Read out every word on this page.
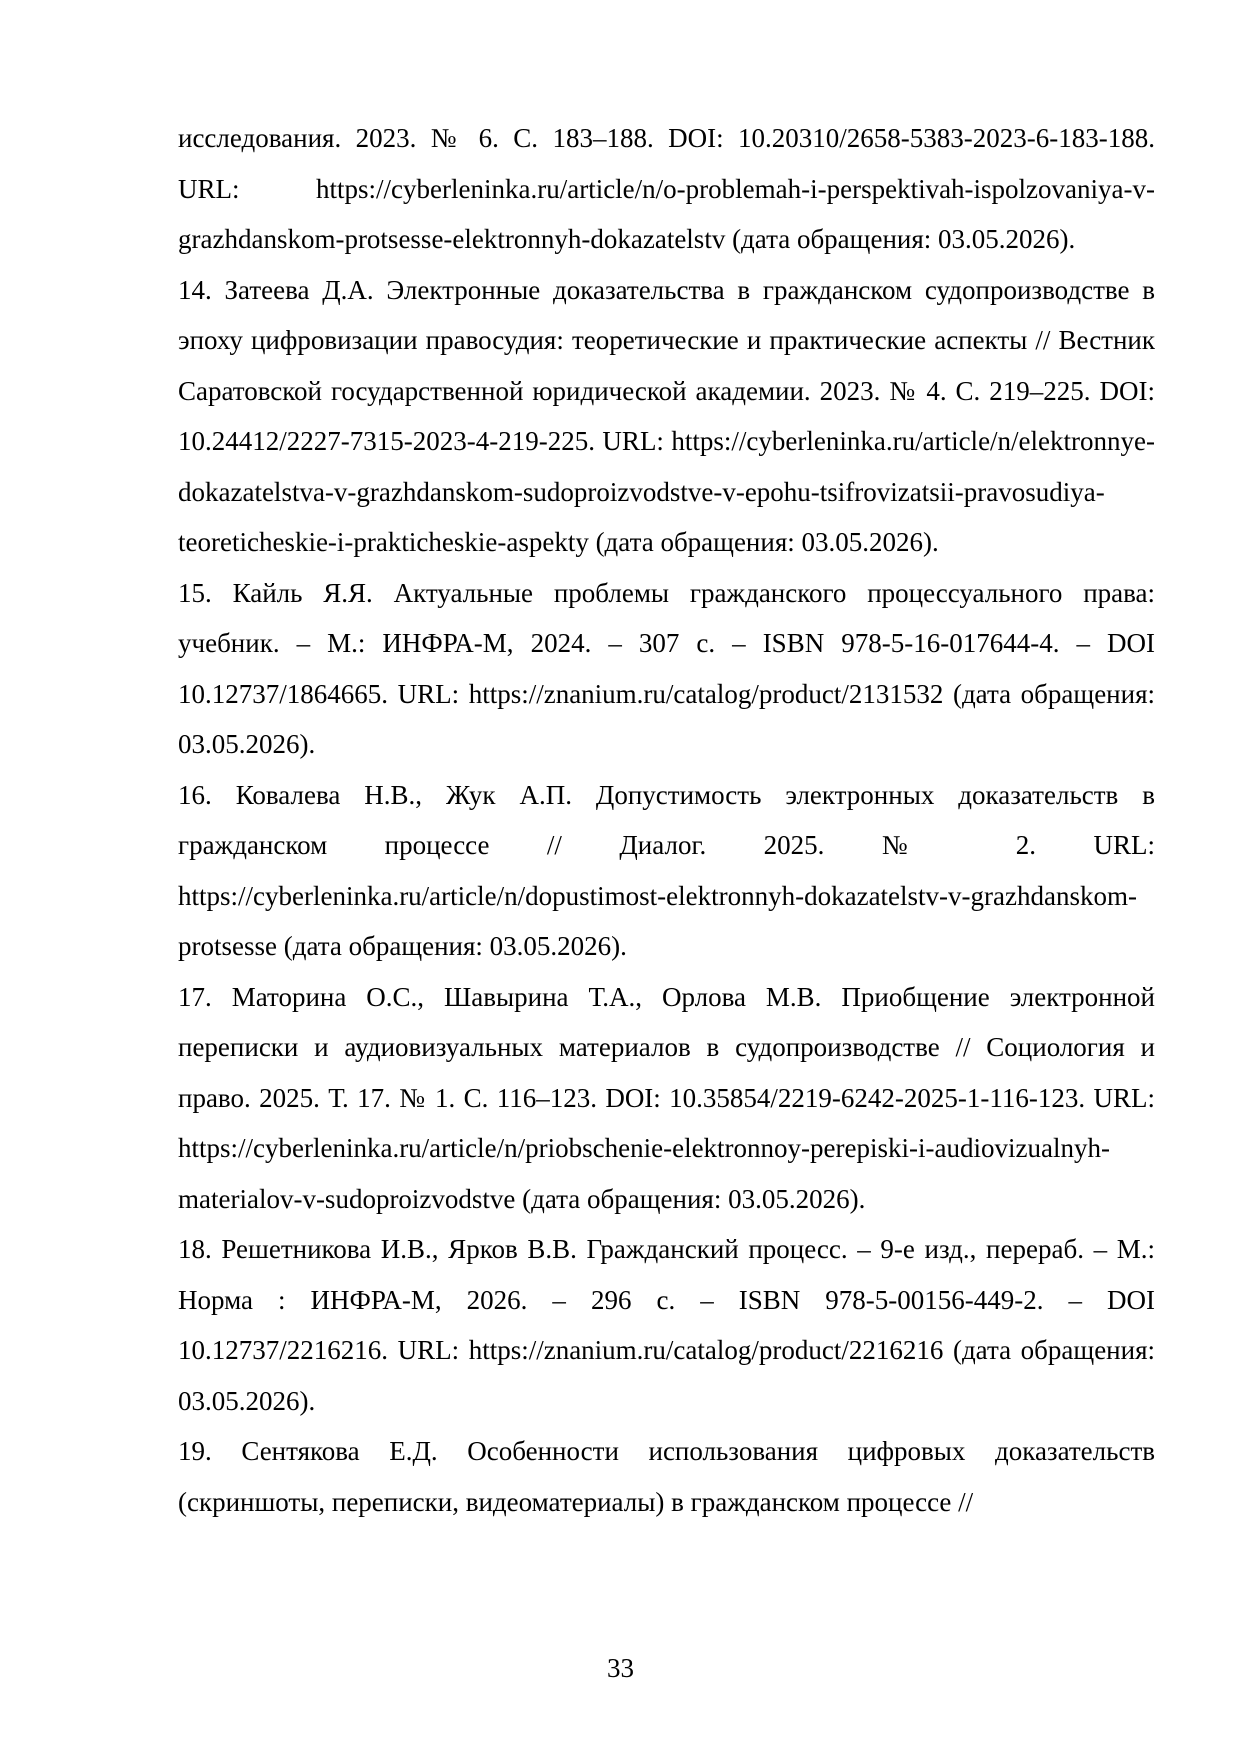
исследования. 2023. № 6. С. 183–188. DOI: 10.20310/2658-5383-2023-6-183-188. URL: https://cyberleninka.ru/article/n/o-problemah-i-perspektivah-ispolzovaniya-v-grazhdanskom-protsesse-elektronnyh-dokazatelstv (дата обращения: 03.05.2026).

14. Затеева Д.А. Электронные доказательства в гражданском судопроизводстве в эпоху цифровизации правосудия: теоретические и практические аспекты // Вестник Саратовской государственной юридической академии. 2023. № 4. С. 219–225. DOI: 10.24412/2227-7315-2023-4-219-225. URL: https://cyberleninka.ru/article/n/elektronnye-dokazatelstva-v-grazhdanskom-sudoproizvodstve-v-epohu-tsifrovizatsii-pravosudiya-teoreticheskie-i-prakticheskie-aspekty (дата обращения: 03.05.2026).

15. Кайль Я.Я. Актуальные проблемы гражданского процессуального права: учебник. – М.: ИНФРА-М, 2024. – 307 с. – ISBN 978-5-16-017644-4. – DOI 10.12737/1864665. URL: https://znanium.ru/catalog/product/2131532 (дата обращения: 03.05.2026).

16. Ковалева Н.В., Жук А.П. Допустимость электронных доказательств в гражданском процессе // Диалог. 2025. № 2. URL: https://cyberleninka.ru/article/n/dopustimost-elektronnyh-dokazatelstv-v-grazhdanskom-protsesse (дата обращения: 03.05.2026).

17. Маторина О.С., Шавырина Т.А., Орлова М.В. Приобщение электронной переписки и аудиовизуальных материалов в судопроизводстве // Социология и право. 2025. Т. 17. № 1. С. 116–123. DOI: 10.35854/2219-6242-2025-1-116-123. URL: https://cyberleninka.ru/article/n/priobschenie-elektronnoy-perepiski-i-audiovizualnyh-materialov-v-sudoproizvodstve (дата обращения: 03.05.2026).

18. Решетникова И.В., Ярков В.В. Гражданский процесс. – 9-е изд., перераб. – М.: Норма : ИНФРА-М, 2026. – 296 с. – ISBN 978-5-00156-449-2. – DOI 10.12737/2216216. URL: https://znanium.ru/catalog/product/2216216 (дата обращения: 03.05.2026).

19. Сентякова Е.Д. Особенности использования цифровых доказательств (скриншоты, переписки, видеоматериалы) в гражданском процессе //

33
